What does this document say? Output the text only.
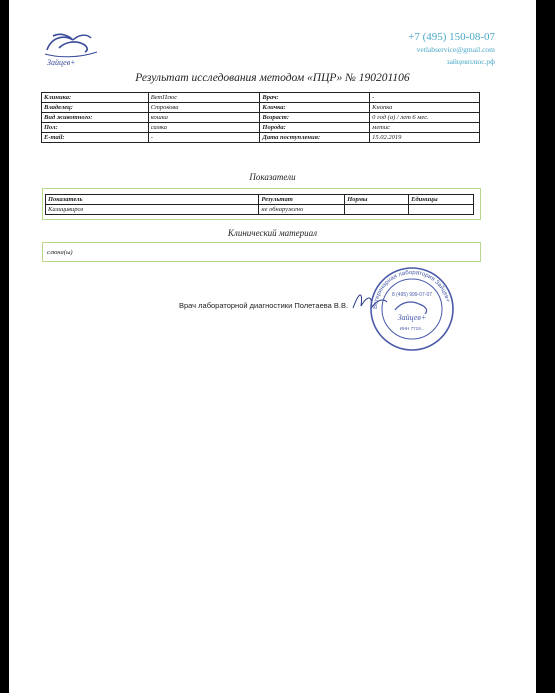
Зайцев+
+7 (495) 150-08-07
vetlabservice@gmail.com
зайцевплюс.рф
Результат исследования методом «ПЦР» № 190201106
Клиника:	ВетПлюс	Врач:	-
Владелец:	Строкова	Кличка:	Кнопка
Вид животного:	кошка	Возраст:	0 год (а) / лет 6 мес.
Пол:	самка	Порода:	метис
E-mail:	-	Дата поступления:	15.02.2019
Показатели
Показатель	Результат	Нормы	Единицы
Калицивироз	не обнаружено		
Клинический материал
слюна(ы)
Врач лабораторной диагностики Полетаева В.В.	Ветеринарная лаборатория Зайцев+
8 (495) 999-07-07
Зайцев+
ИНН 7719...
